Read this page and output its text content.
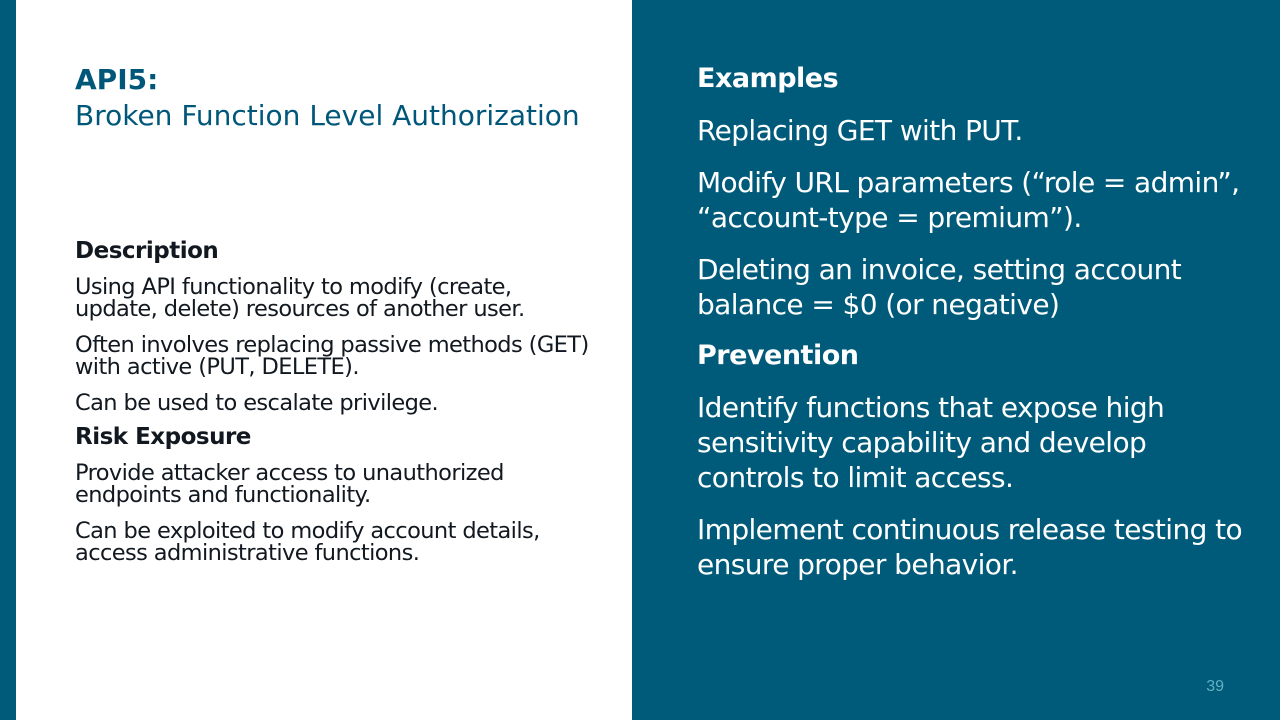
API5:
Broken Function Level Authorization
Description
Using API functionality to modify (create, update, delete) resources of another user.
Often involves replacing passive methods (GET) with active (PUT, DELETE).
Can be used to escalate privilege.
Risk Exposure
Provide attacker access to unauthorized endpoints and functionality.
Can be exploited to modify account details, access administrative functions.
Examples
Replacing GET with PUT.
Modify URL parameters (“role = admin”, “account-type = premium”).
Deleting an invoice, setting account balance = $0 (or negative)
Prevention
Identify functions that expose high sensitivity capability and develop controls to limit access.
Implement continuous release testing to ensure proper behavior.
39
